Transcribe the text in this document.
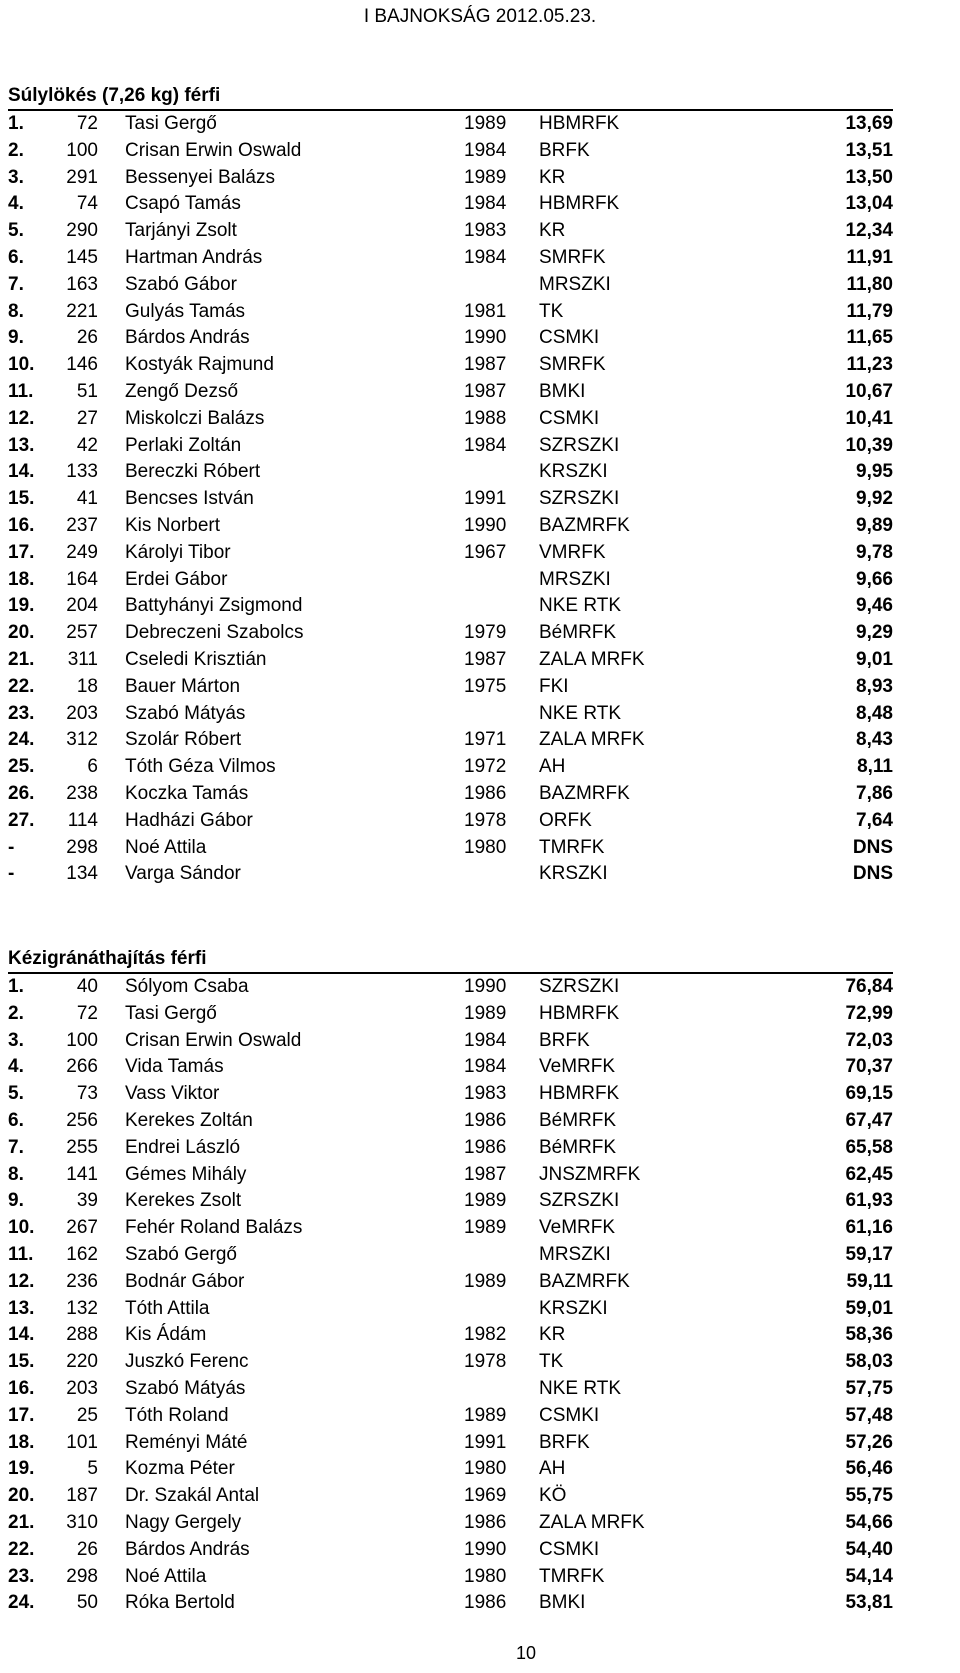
I BAJNOKSÁG 2012.05.23.
Súlylökés (7,26 kg) férfi
1.	72 Tasi Gergő	1989 HBMRFK	13,69
2. 100 Crisan Erwin Oswald	1984 BRFK	13,51
3. 291 Bessenyei Balázs	1989 KR	13,50
4.	74 Csapó Tamás	1984 HBMRFK	13,04
5. 290 Tarjányi Zsolt	1983 KR	12,34
6. 145 Hartman András	1984 SMRFK	11,91
7. 163 Szabó Gábor	MRSZKI	11,80
8. 221 Gulyás Tamás	1981 TK	11,79
9.	26 Bárdos András	1990 CSMKI	11,65
10. 146 Kostyák Rajmund	1987 SMRFK	11,23
11. 51 Zengő Dezső	1987 BMKI	10,67
12. 27 Miskolczi Balázs	1988 CSMKI	10,41
13. 42 Perlaki Zoltán	1984 SZRSZKI	10,39
14. 133 Bereczki Róbert	KRSZKI	9,95
15. 41 Bencses István	1991 SZRSZKI	9,92
16. 237 Kis Norbert	1990 BAZMRFK	9,89
17. 249 Károlyi Tibor	1967 VMRFK	9,78
18. 164 Erdei Gábor	MRSZKI	9,66
19. 204 Battyhányi Zsigmond	NKE RTK	9,46
20. 257 Debreczeni Szabolcs	1979 BéMRFK	9,29
21. 311 Cseledi Krisztián	1987 ZALA MRFK	9,01
22. 18 Bauer Márton	1975 FKI	8,93
23. 203 Szabó Mátyás	NKE RTK	8,48
24. 312 Szolár Róbert	1971 ZALA MRFK	8,43
25.	6 Tóth Géza Vilmos	1972 AH	8,11
26. 238 Koczka Tamás	1986 BAZMRFK	7,86
27. 114 Hadházi Gábor	1978 ORFK	7,64
-	298 Noé Attila	1980 TMRFK	DNS
-	134 Varga Sándor	KRSZKI	DNS
Kézigránáthajítás férfi
1.	40 Sólyom Csaba	1990 SZRSZKI	76,84
2.	72 Tasi Gergő	1989 HBMRFK	72,99
3. 100 Crisan Erwin Oswald	1984 BRFK	72,03
4. 266 Vida Tamás	1984 VeMRFK	70,37
5.	73 Vass Viktor	1983 HBMRFK	69,15
6. 256 Kerekes Zoltán	1986 BéMRFK	67,47
7. 255 Endrei László	1986 BéMRFK	65,58
8. 141 Gémes Mihály	1987 JNSZMRFK	62,45
9.	39 Kerekes Zsolt	1989 SZRSZKI	61,93
10. 267 Fehér Roland Balázs	1989 VeMRFK	61,16
11. 162 Szabó Gergő	MRSZKI	59,17
12. 236 Bodnár Gábor	1989 BAZMRFK	59,11
13. 132 Tóth Attila	KRSZKI	59,01
14. 288 Kis Ádám	1982 KR	58,36
15. 220 Juszkó Ferenc	1978 TK	58,03
16. 203 Szabó Mátyás	NKE RTK	57,75
17. 25 Tóth Roland	1989 CSMKI	57,48
18. 101 Reményi Máté	1991 BRFK	57,26
19.	5 Kozma Péter	1980 AH	56,46
20. 187 Dr. Szakál Antal	1969 KÖ	55,75
21. 310 Nagy Gergely	1986 ZALA MRFK	54,66
22. 26 Bárdos András	1990 CSMKI	54,40
23. 298 Noé Attila	1980 TMRFK	54,14
24. 50 Róka Bertold	1986 BMKI	53,81
10
